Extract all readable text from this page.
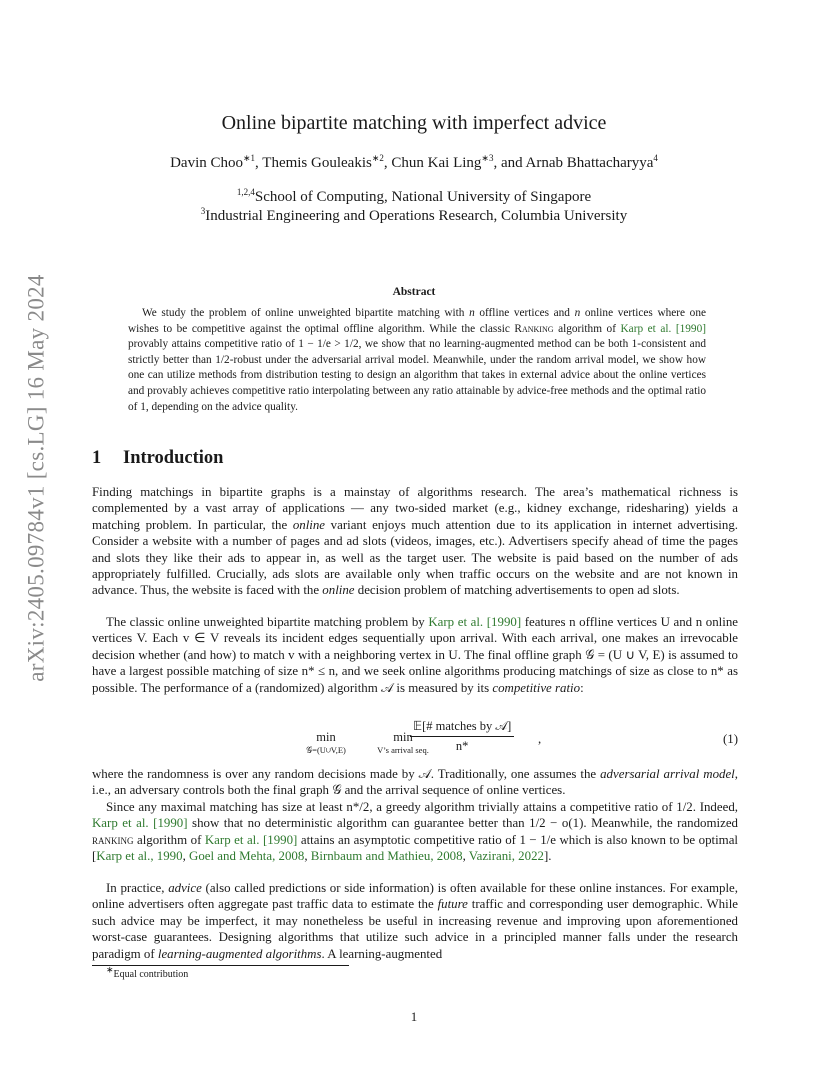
arXiv:2405.09784v1 [cs.LG] 16 May 2024
Online bipartite matching with imperfect advice
Davin Choo$^{∗1}$, Themis Gouleakis$^{∗2}$, Chun Kai Ling$^{∗3}$, and Arnab Bhattacharyya$^4$
$^{1,2,4}$School of Computing, National University of Singapore
$^3$Industrial Engineering and Operations Research, Columbia University
Abstract
We study the problem of online unweighted bipartite matching with n offline vertices and n online vertices where one wishes to be competitive against the optimal offline algorithm. While the classic Ranking algorithm of Karp et al. [1990] provably attains competitive ratio of 1 − 1/e > 1/2, we show that no learning-augmented method can be both 1-consistent and strictly better than 1/2-robust under the adversarial arrival model. Meanwhile, under the random arrival model, we show how one can utilize methods from distribution testing to design an algorithm that takes in external advice about the online vertices and provably achieves competitive ratio interpolating between any ratio attainable by advice-free methods and the optimal ratio of 1, depending on the advice quality.
1 Introduction
Finding matchings in bipartite graphs is a mainstay of algorithms research. The area’s mathematical richness is complemented by a vast array of applications — any two-sided market (e.g., kidney exchange, ridesharing) yields a matching problem. In particular, the online variant enjoys much attention due to its application in internet advertising. Consider a website with a number of pages and ad slots (videos, images, etc.). Advertisers specify ahead of time the pages and slots they like their ads to appear in, as well as the target user. The website is paid based on the number of ads appropriately fulfilled. Crucially, ads slots are available only when traffic occurs on the website and are not known in advance. Thus, the website is faced with the online decision problem of matching advertisements to open ad slots.
The classic online unweighted bipartite matching problem by Karp et al. [1990] features n offline vertices U and n online vertices V. Each v ∈ V reveals its incident edges sequentially upon arrival. With each arrival, one makes an irrevocable decision whether (and how) to match v with a neighboring vertex in U. The final offline graph 𝒢 = (U ∪ V, E) is assumed to have a largest possible matching of size n* ≤ n, and we seek online algorithms producing matchings of size as close to n* as possible. The performance of a (randomized) algorithm 𝒜 is measured by its competitive ratio:
min
𝒢=(U∪V,E)
min
V’s arrival seq.
𝔼[# matches by 𝒜]
n*	,	(1)
where the randomness is over any random decisions made by 𝒜. Traditionally, one assumes the adversarial arrival model, i.e., an adversary controls both the final graph 𝒢 and the arrival sequence of online vertices.
Since any maximal matching has size at least n*/2, a greedy algorithm trivially attains a competitive ratio of 1/2. Indeed, Karp et al. [1990] show that no deterministic algorithm can guarantee better than 1/2 − o(1). Meanwhile, the randomized ranking algorithm of Karp et al. [1990] attains an asymptotic competitive ratio of 1 − 1/e which is also known to be optimal [Karp et al., 1990, Goel and Mehta, 2008, Birnbaum and Mathieu, 2008, Vazirani, 2022].
In practice, advice (also called predictions or side information) is often available for these online instances. For example, online advertisers often aggregate past traffic data to estimate the future traffic and corresponding user demographic. While such advice may be imperfect, it may nonetheless be useful in increasing revenue and improving upon aforementioned worst-case guarantees. Designing algorithms that utilize such advice in a principled manner falls under the research paradigm of learning-augmented algorithms. A learning-augmented
∗Equal contribution
1
